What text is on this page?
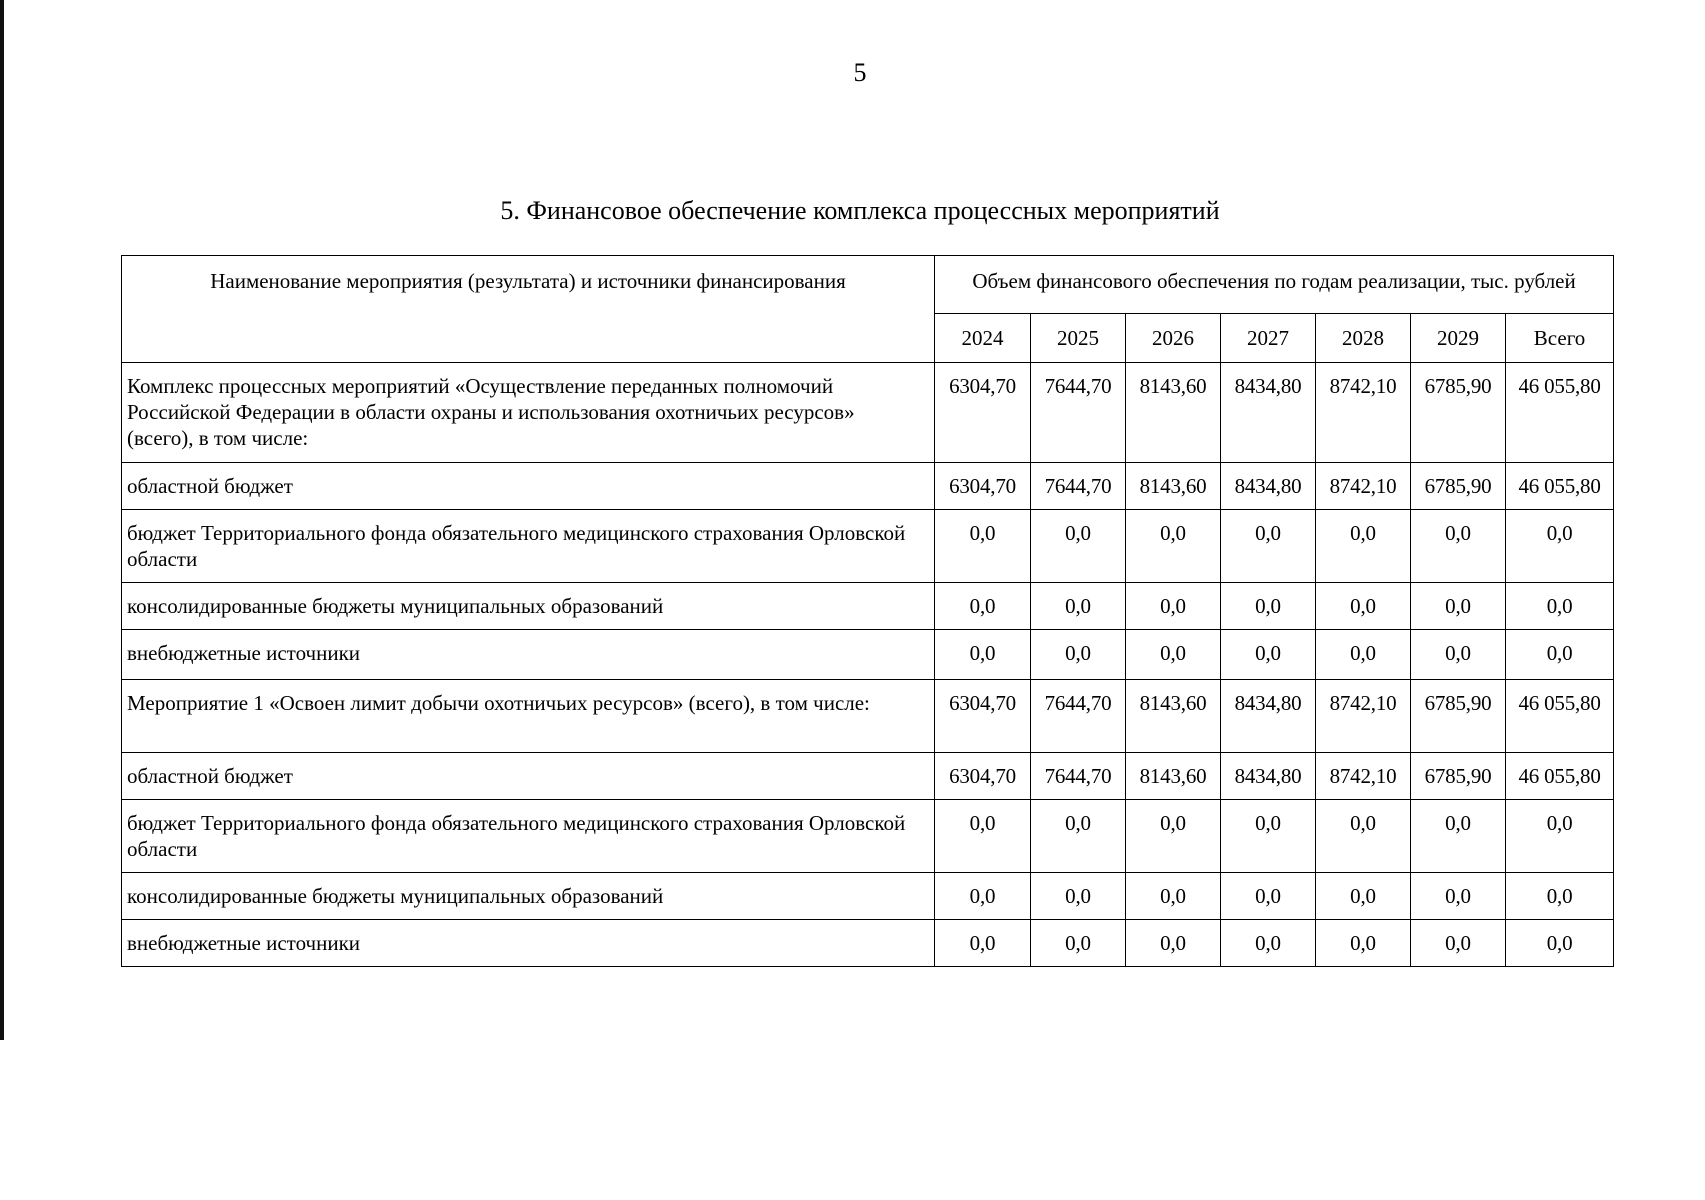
5
5. Финансовое обеспечение комплекса процессных мероприятий
Наименование мероприятия (результата) и источники финансирования	Объем финансового обеспечения по годам реализации, тыс. рублей						
	2024	2025	2026	2027	2028	2029	Всего
Комплекс процессных мероприятий «Осуществление переданных полномочий Российской Федерации в области охраны и использования охотничьих ресурсов» (всего), в том числе:	6304,70	7644,70	8143,60	8434,80	8742,10	6785,90	46 055,80
областной бюджет	6304,70	7644,70	8143,60	8434,80	8742,10	6785,90	46 055,80
бюджет Территориального фонда обязательного медицинского страхования Орловской области	0,0	0,0	0,0	0,0	0,0	0,0	0,0
консолидированные бюджеты муниципальных образований	0,0	0,0	0,0	0,0	0,0	0,0	0,0
внебюджетные источники	0,0	0,0	0,0	0,0	0,0	0,0	0,0
Мероприятие 1 «Освоен лимит добычи охотничьих ресурсов» (всего), в том числе:	6304,70	7644,70	8143,60	8434,80	8742,10	6785,90	46 055,80
областной бюджет	6304,70	7644,70	8143,60	8434,80	8742,10	6785,90	46 055,80
бюджет Территориального фонда обязательного медицинского страхования Орловской области	0,0	0,0	0,0	0,0	0,0	0,0	0,0
консолидированные бюджеты муниципальных образований	0,0	0,0	0,0	0,0	0,0	0,0	0,0
внебюджетные источники	0,0	0,0	0,0	0,0	0,0	0,0	0,0
